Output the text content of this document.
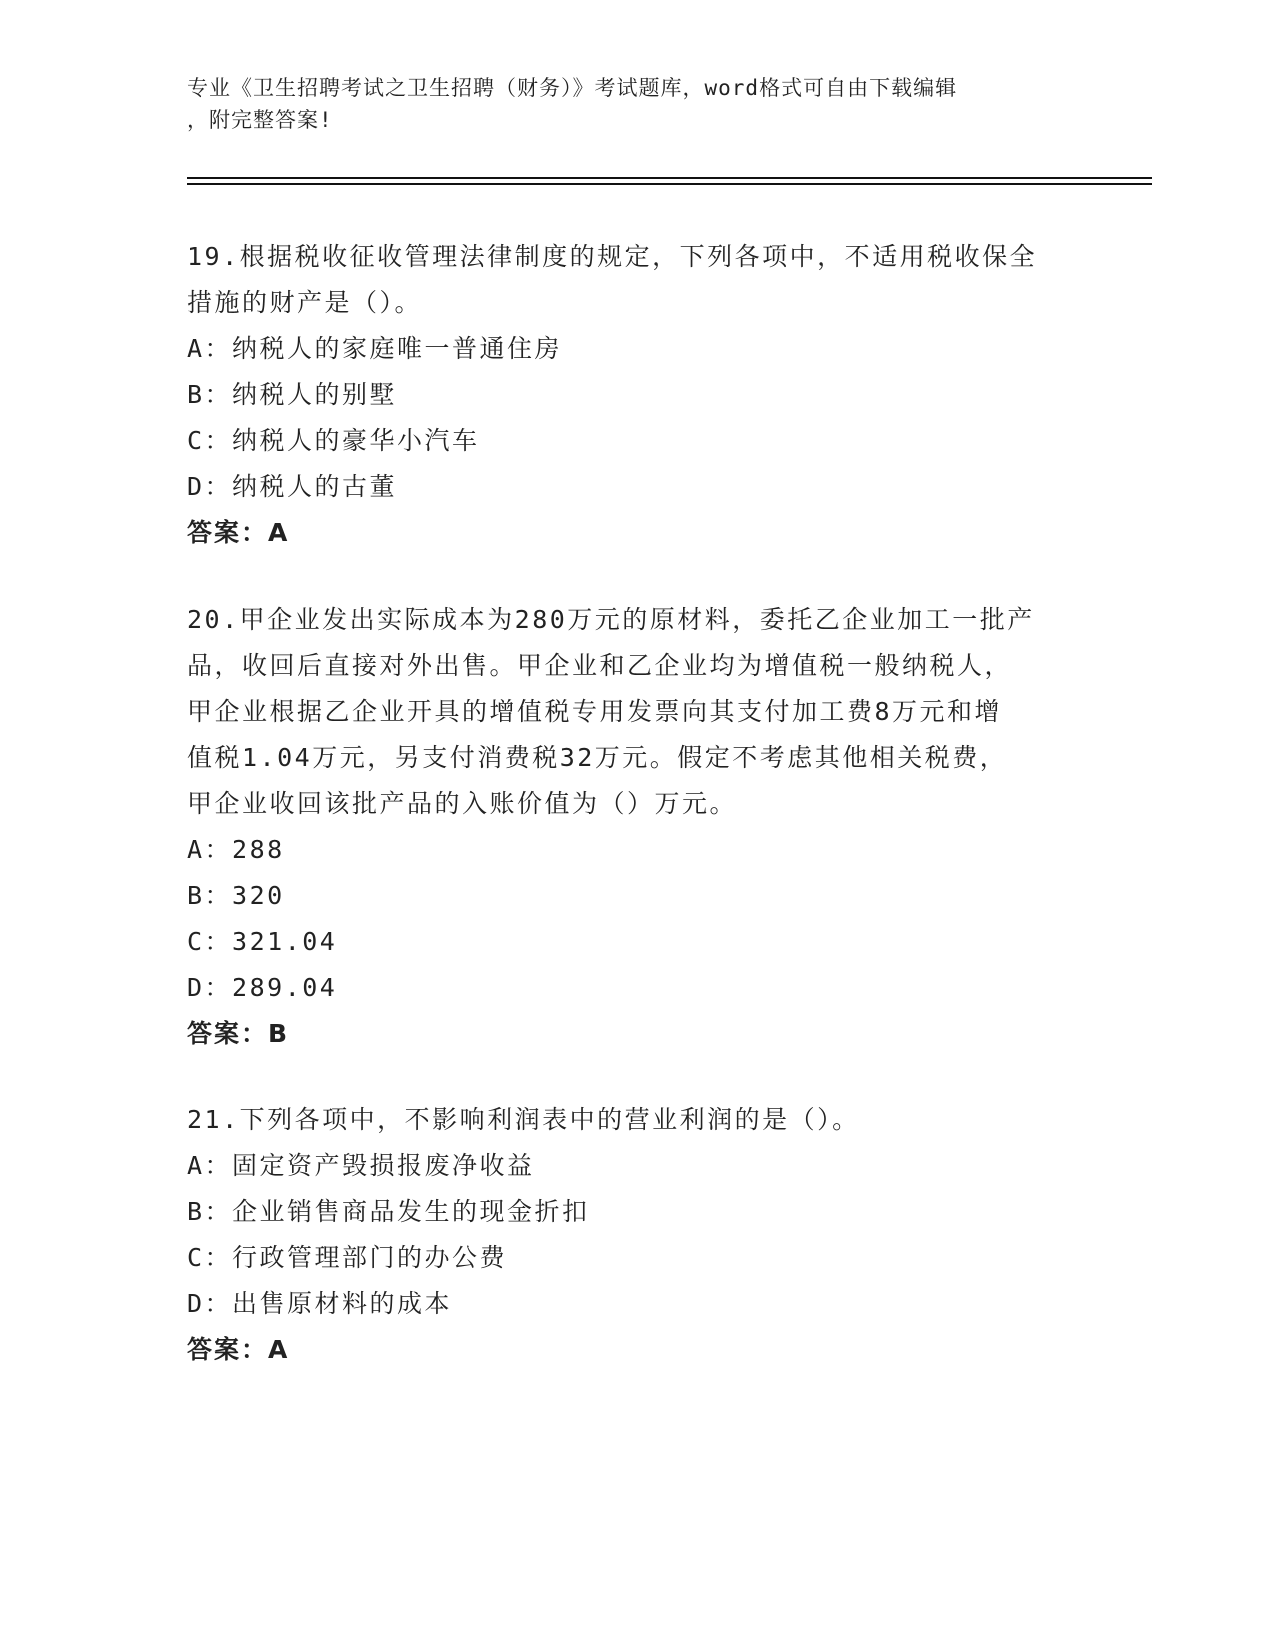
专业《卫生招聘考试之卫生招聘（财务）》考试题库，word格式可自由下载编辑
，附完整答案!
19.根据税收征收管理法律制度的规定，下列各项中，不适用税收保全
措施的财产是（）。
A：纳税人的家庭唯一普通住房
B：纳税人的别墅
C：纳税人的豪华小汽车
D：纳税人的古董
答案：A
20.甲企业发出实际成本为280万元的原材料，委托乙企业加工一批产
品，收回后直接对外出售。甲企业和乙企业均为增值税一般纳税人，
甲企业根据乙企业开具的增值税专用发票向其支付加工费8万元和增
值税1.04万元，另支付消费税32万元。假定不考虑其他相关税费，
甲企业收回该批产品的入账价值为（）万元。
A：288
B：320
C：321.04
D：289.04
答案：B
21.下列各项中，不影响利润表中的营业利润的是（）。
A：固定资产毁损报废净收益
B：企业销售商品发生的现金折扣
C：行政管理部门的办公费
D：出售原材料的成本
答案：A
